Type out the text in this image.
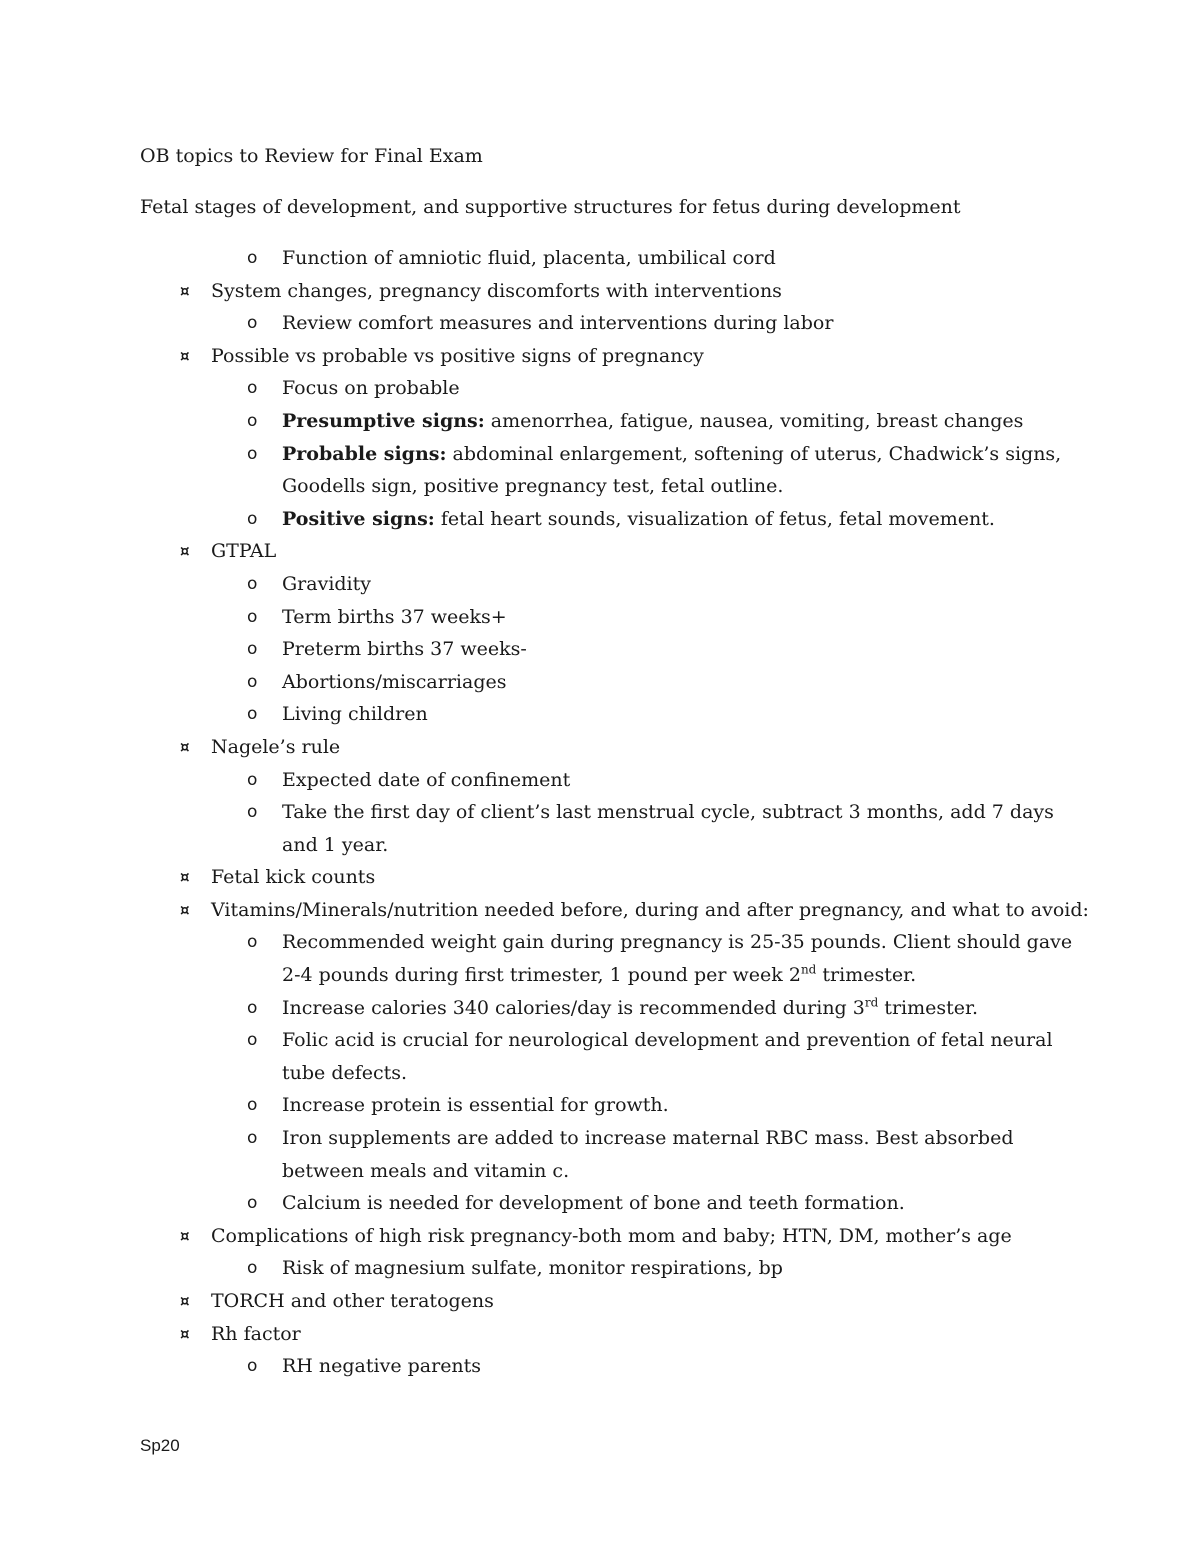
OB topics to Review for Final Exam
Fetal stages of development, and supportive structures for fetus during development
o Function of amniotic fluid, placenta, umbilical cord
¤ System changes, pregnancy discomforts with interventions
o Review comfort measures and interventions during labor
¤ Possible vs probable vs positive signs of pregnancy
o Focus on probable
o Presumptive signs: amenorrhea, fatigue, nausea, vomiting, breast changes
o Probable signs: abdominal enlargement, softening of uterus, Chadwick’s signs, Goodells sign, positive pregnancy test, fetal outline.
o Positive signs: fetal heart sounds, visualization of fetus, fetal movement.
¤ GTPAL
o Gravidity
o Term births 37 weeks+
o Preterm births 37 weeks-
o Abortions/miscarriages
o Living children
¤ Nagele’s rule
o Expected date of confinement
o Take the first day of client’s last menstrual cycle, subtract 3 months, add 7 days and 1 year.
¤ Fetal kick counts
¤ Vitamins/Minerals/nutrition needed before, during and after pregnancy, and what to avoid:
o Recommended weight gain during pregnancy is 25-35 pounds. Client should gave 2-4 pounds during first trimester, 1 pound per week 2nd trimester.
o Increase calories 340 calories/day is recommended during 3rd trimester.
o Folic acid is crucial for neurological development and prevention of fetal neural tube defects.
o Increase protein is essential for growth.
o Iron supplements are added to increase maternal RBC mass. Best absorbed between meals and vitamin c.
o Calcium is needed for development of bone and teeth formation.
¤ Complications of high risk pregnancy-both mom and baby; HTN, DM, mother’s age
o Risk of magnesium sulfate, monitor respirations, bp
¤ TORCH and other teratogens
¤ Rh factor
o RH negative parents
Sp20
